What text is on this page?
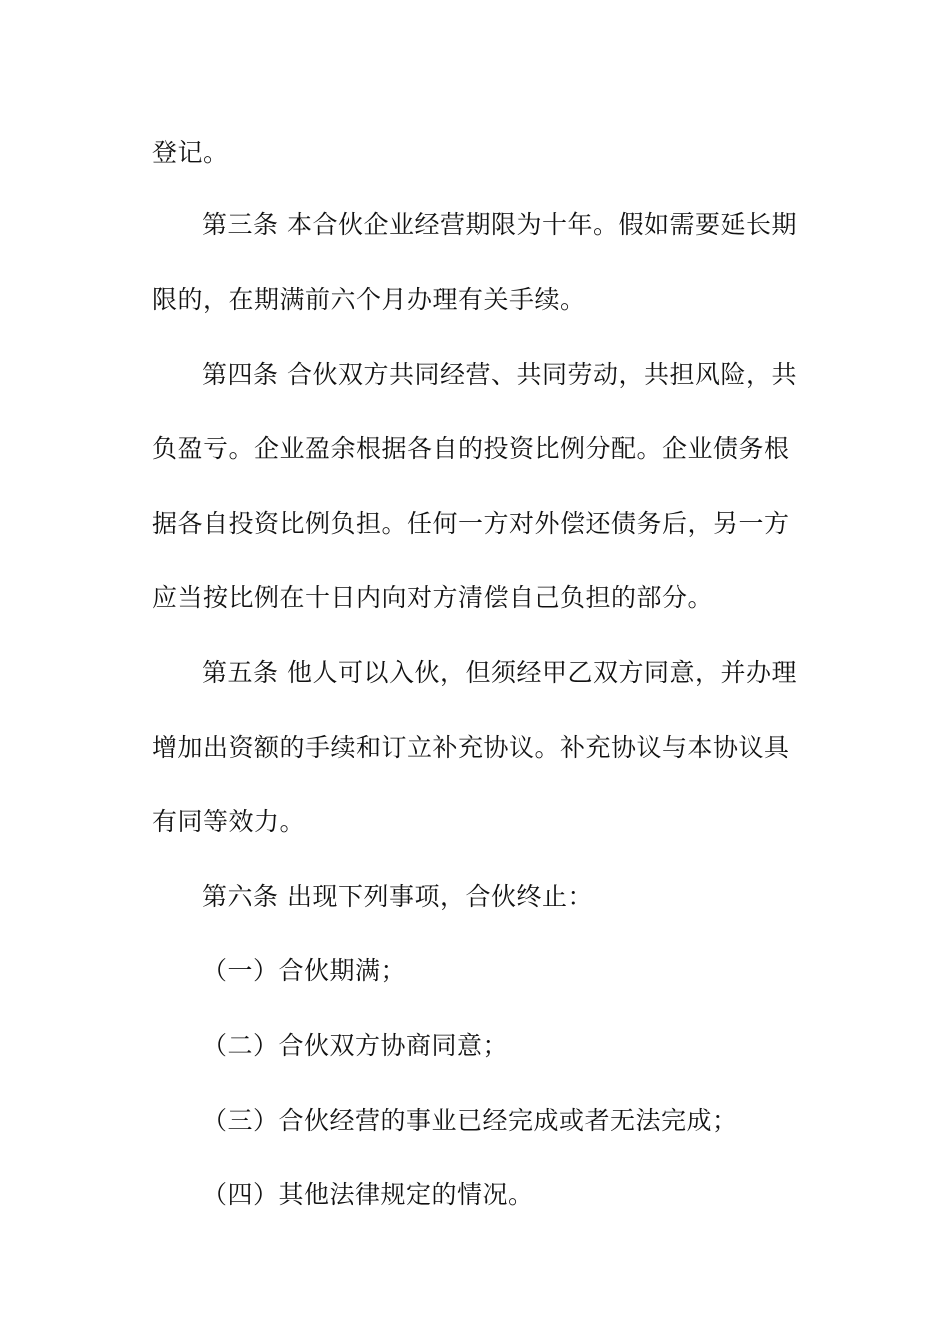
登记。
第三条 本合伙企业经营期限为十年。假如需要延长期
限的，在期满前六个月办理有关手续。
第四条 合伙双方共同经营、共同劳动，共担风险，共
负盈亏。企业盈余根据各自的投资比例分配。企业债务根
据各自投资比例负担。任何一方对外偿还债务后，另一方
应当按比例在十日内向对方清偿自己负担的部分。
第五条 他人可以入伙，但须经甲乙双方同意，并办理
增加出资额的手续和订立补充协议。补充协议与本协议具
有同等效力。
第六条 出现下列事项，合伙终止：
（一）合伙期满；
（二）合伙双方协商同意；
（三）合伙经营的事业已经完成或者无法完成；
（四）其他法律规定的情况。
